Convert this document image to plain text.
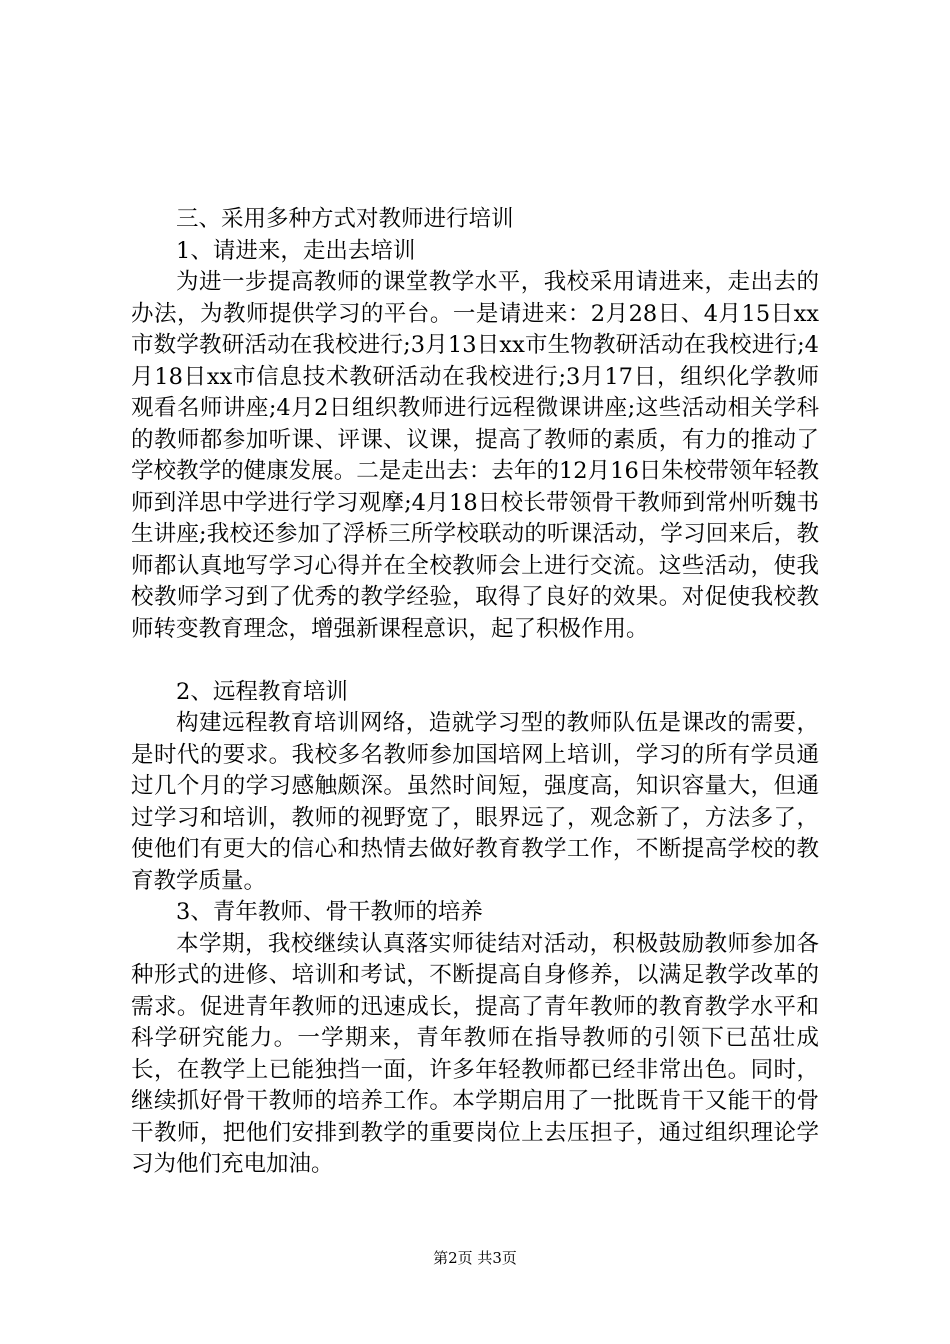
三、采用多种方式对教师进行培训

1、请进来，走出去培训

为进一步提高教师的课堂教学水平，我校采用请进来，走出去的办法，为教师提供学习的平台。一是请进来：2月28日、4月15日xx市数学教研活动在我校进行;3月13日xx市生物教研活动在我校进行;4月18日xx市信息技术教研活动在我校进行;3月17日，组织化学教师观看名师讲座;4月2日组织教师进行远程微课讲座;这些活动相关学科的教师都参加听课、评课、议课，提高了教师的素质，有力的推动了学校教学的健康发展。二是走出去：去年的12月16日朱校带领年轻教师到洋思中学进行学习观摩;4月18日校长带领骨干教师到常州听魏书生讲座;我校还参加了浮桥三所学校联动的听课活动，学习回来后，教师都认真地写学习心得并在全校教师会上进行交流。这些活动，使我校教师学习到了优秀的教学经验，取得了良好的效果。对促使我校教师转变教育理念，增强新课程意识，起了积极作用。

2、远程教育培训

构建远程教育培训网络，造就学习型的教师队伍是课改的需要，是时代的要求。我校多名教师参加国培网上培训，学习的所有学员通过几个月的学习感触颇深。虽然时间短，强度高，知识容量大，但通过学习和培训，教师的视野宽了，眼界远了，观念新了，方法多了，使他们有更大的信心和热情去做好教育教学工作，不断提高学校的教育教学质量。

3、青年教师、骨干教师的培养

本学期，我校继续认真落实师徒结对活动，积极鼓励教师参加各种形式的进修、培训和考试，不断提高自身修养，以满足教学改革的需求。促进青年教师的迅速成长，提高了青年教师的教育教学水平和科学研究能力。一学期来，青年教师在指导教师的引领下已茁壮成长，在教学上已能独挡一面，许多年轻教师都已经非常出色。同时，继续抓好骨干教师的培养工作。本学期启用了一批既肯干又能干的骨干教师，把他们安排到教学的重要岗位上去压担子，通过组织理论学习为他们充电加油。

第2页 共3页
